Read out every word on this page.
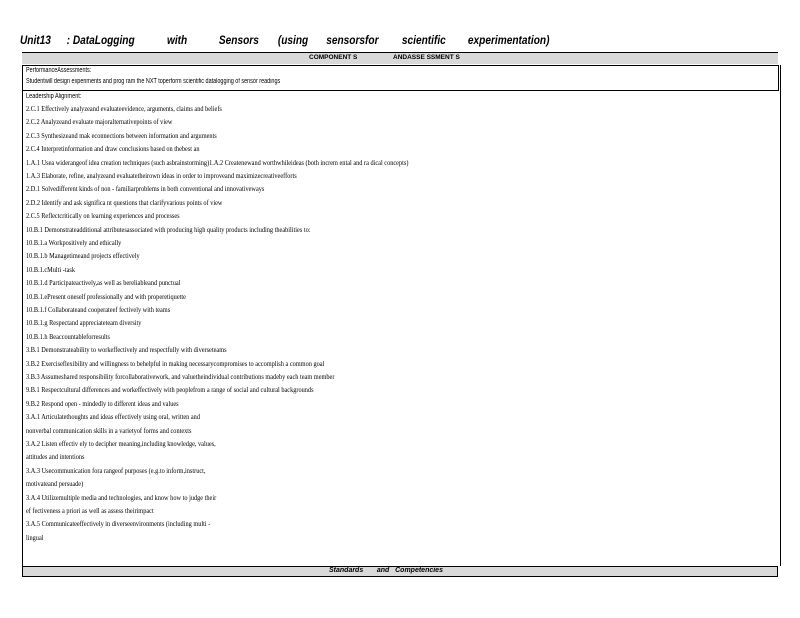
Unit13 : DataLogging	with	Sensors (using sensorsfor scientific experimentation)
COMPONENT S	ANDASSE SSMENT S
PerformanceAssessments:
Studentwill design experiments and prog ram the NXT toperform scientific datalogging of sensor readings
Leadership Alignment:
2.C.1 Effectively analyzeand evaluateevidence, arguments, claims and beliefs
2.C.2 Analyzeand evaluate majoralternativepoints of view
2.C.3 Synthesizeand mak econnections between information and arguments
2.C.4 Interpretinformation and draw conclusions based on thebest an
1.A.1 Usea widerangeof idea creation techniques (such asbrainstorming)1.A.2 Createnewand worthwhileideas (both increm ental and ra dical concepts)
1.A.3 Elaborate, refine, analyzeand evaluatetheirown ideas in order to improveand maximizecreativeefforts
2.D.1 Solvedifferent kinds of non - familiarproblems in both conventional and innovativeways
2.D.2 Identify and ask significa nt questions that clarifyvarious points of view
2.C.5 Reflectcritically on learning experiences and processes
10.B.1 Demonstrateadditional attributesassociated with producing high quality products including theabilities to:
10.B.1.a Workpositively and ethically
10.B.1.b Managetimeand projects effectively
10.B.1.cMulti -task
10.B.1.d Participateactively,as well as bereliableand punctual
10.B.1.ePresent oneself professionally and with properetiquette
10.B.1.f Collaborateand cooperateef fectively with teams
10.B.1.g Respectand appreciateteam diversity
10.B.1.h Beaccountableforresults
3.B.1 Demonstrateability to workeffectively and respectfully with diverseteams
3.B.2 Exerciseflexibility and willingness to behelpful in making necessarycompromises to accomplish a common goal
3.B.3 Assumeshared responsibility forcollaborativework, and valuetheindividual contributions madeby each team member
9.B.1 Respectcultural differences and workeffectively with peoplefrom a range of social and cultural backgrounds
9.B.2 Respond open - mindedly to different ideas and values
3.A.1 Articulatethoughts and ideas effectively using oral, written and
nonverbal communication skills in a varietyof forms and contexts
3.A.2 Listen effectiv ely to decipher meaning,including knowledge, values,
attitudes and intentions
3.A.3 Usecommunication fora rangeof purposes (e.g.to inform,instruct,
motivateand persuade)
3.A.4 Utilizemultiple media and technologies, and know how to judge their
ef fectiveness a priori as well as assess theirimpact
3.A.5 Communicateeffectively in diverseenvironments (including multi -
lingual
Standards       and   Competencies
